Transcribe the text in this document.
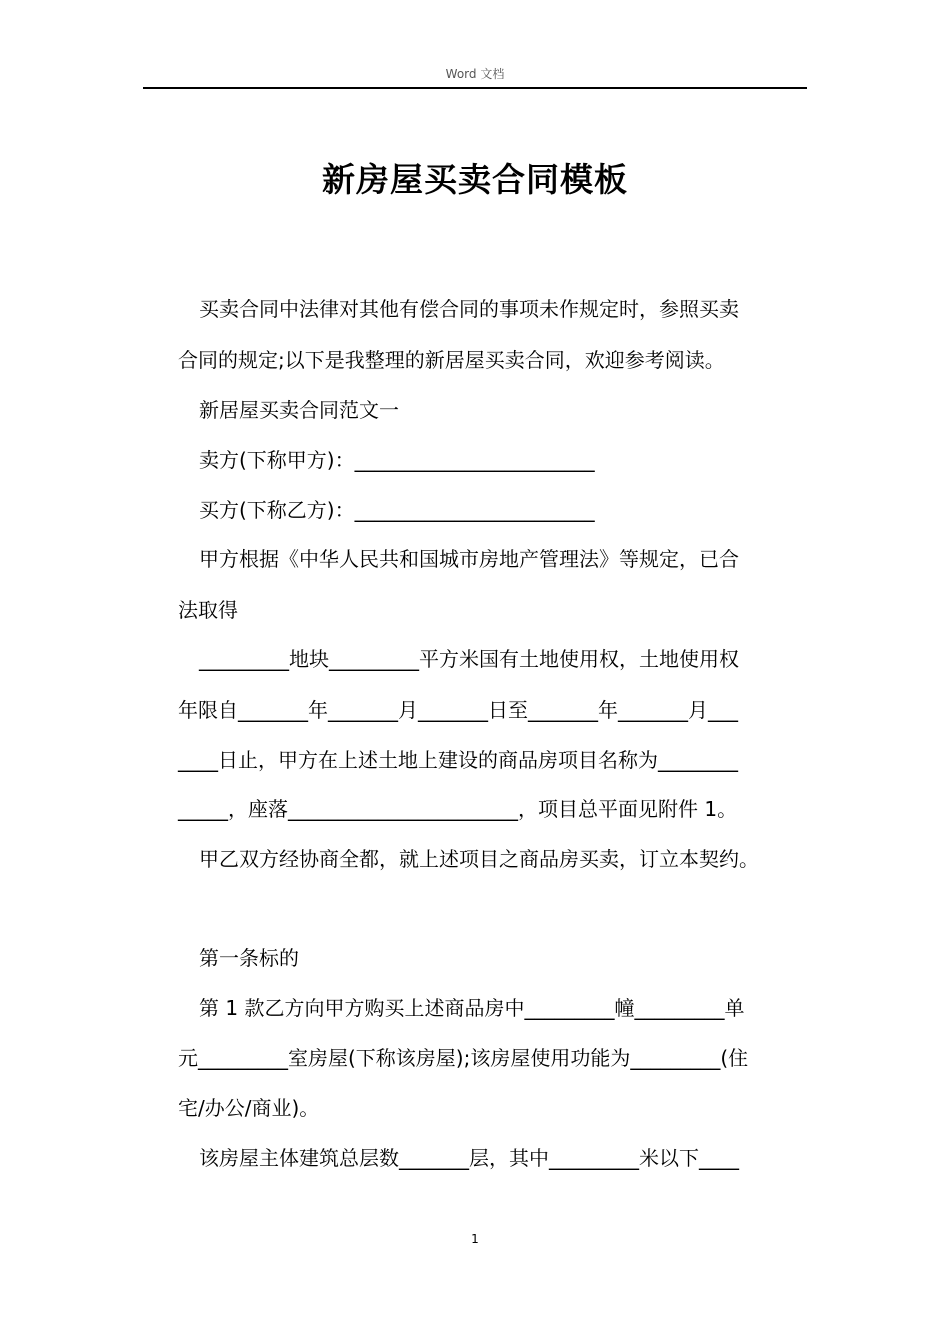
Word 文档
新房屋买卖合同模板
买卖合同中法律对其他有偿合同的事项未作规定时，参照买卖
合同的规定;以下是我整理的新居屋买卖合同，欢迎参考阅读。
新居屋买卖合同范文一
卖方(下称甲方)：________________________
买方(下称乙方)：________________________
甲方根据《中华人民共和国城市房地产管理法》等规定，已合
法取得
_________地块_________平方米国有土地使用权，土地使用权
年限自_______年_______月_______日至_______年_______月___
____日止，甲方在上述土地上建设的商品房项目名称为________
_____，座落_______________________，项目总平面见附件 1。
甲乙双方经协商全都，就上述项目之商品房买卖，订立本契约。
第一条标的
第 1 款乙方向甲方购买上述商品房中_________幢_________单
元_________室房屋(下称该房屋);该房屋使用功能为_________(住
宅/办公/商业)。
该房屋主体建筑总层数_______层，其中_________米以下____
1
